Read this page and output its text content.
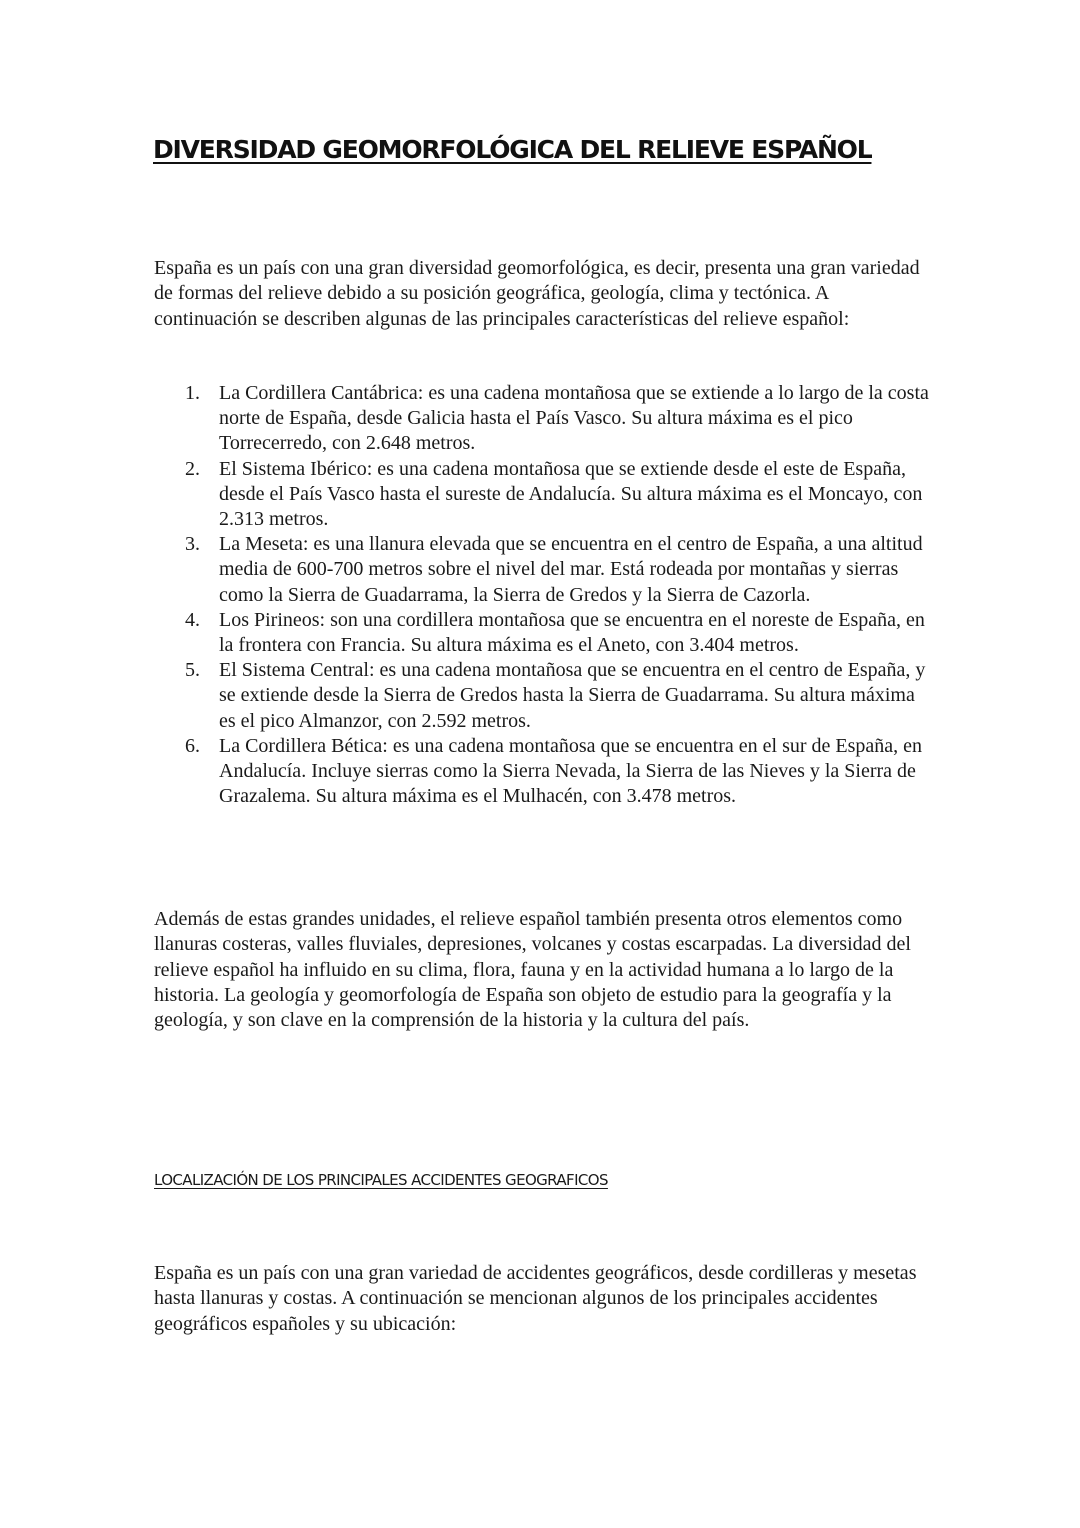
DIVERSIDAD GEOMORFOLÓGICA DEL RELIEVE ESPAÑOL

España es un país con una gran diversidad geomorfológica, es decir, presenta una gran variedad de formas del relieve debido a su posición geográfica, geología, clima y tectónica. A continuación se describen algunas de las principales características del relieve español:

1. La Cordillera Cantábrica: es una cadena montañosa que se extiende a lo largo de la costa norte de España, desde Galicia hasta el País Vasco. Su altura máxima es el pico Torrecerredo, con 2.648 metros.
2. El Sistema Ibérico: es una cadena montañosa que se extiende desde el este de España, desde el País Vasco hasta el sureste de Andalucía. Su altura máxima es el Moncayo, con 2.313 metros.
3. La Meseta: es una llanura elevada que se encuentra en el centro de España, a una altitud media de 600-700 metros sobre el nivel del mar. Está rodeada por montañas y sierras como la Sierra de Guadarrama, la Sierra de Gredos y la Sierra de Cazorla.
4. Los Pirineos: son una cordillera montañosa que se encuentra en el noreste de España, en la frontera con Francia. Su altura máxima es el Aneto, con 3.404 metros.
5. El Sistema Central: es una cadena montañosa que se encuentra en el centro de España, y se extiende desde la Sierra de Gredos hasta la Sierra de Guadarrama. Su altura máxima es el pico Almanzor, con 2.592 metros.
6. La Cordillera Bética: es una cadena montañosa que se encuentra en el sur de España, en Andalucía. Incluye sierras como la Sierra Nevada, la Sierra de las Nieves y la Sierra de Grazalema. Su altura máxima es el Mulhacén, con 3.478 metros.

Además de estas grandes unidades, el relieve español también presenta otros elementos como llanuras costeras, valles fluviales, depresiones, volcanes y costas escarpadas. La diversidad del relieve español ha influido en su clima, flora, fauna y en la actividad humana a lo largo de la historia. La geología y geomorfología de España son objeto de estudio para la geografía y la geología, y son clave en la comprensión de la historia y la cultura del país.

LOCALIZACIÓN DE LOS PRINCIPALES ACCIDENTES GEOGRAFICOS

España es un país con una gran variedad de accidentes geográficos, desde cordilleras y mesetas hasta llanuras y costas. A continuación se mencionan algunos de los principales accidentes geográficos españoles y su ubicación:
